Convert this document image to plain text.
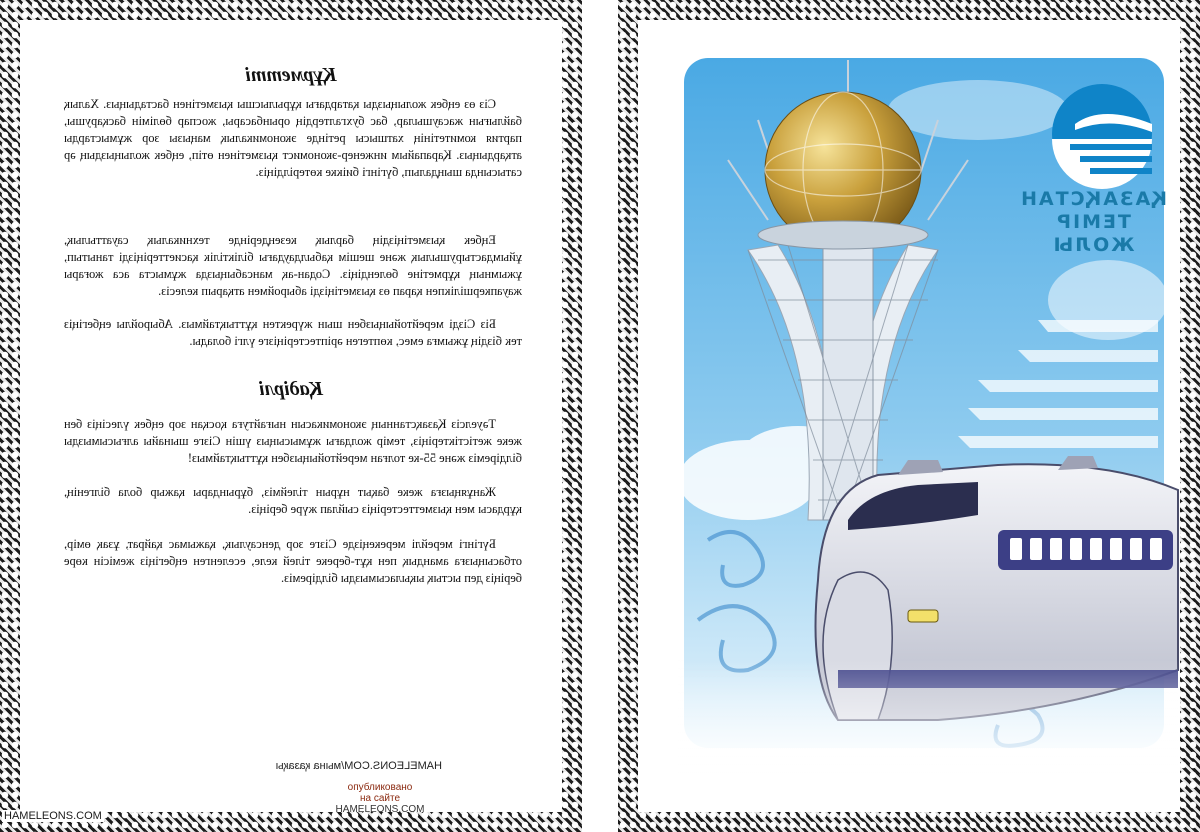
Құрметті

Сіз өз еңбек жолыңызды қатардағы құрылысшы қызметінен бастадыңыз. Халық байлығын жасаушылар, бас бухгалтердің орынбасары, жоспар бөлімін басқарушы, партия комитетінің хатшысы ретінде экономикалық маңызы зор жұмыстарды атқардыңыз. Қарапайым инженер-экономист қызметінен өтіп, еңбек жолыңыздың әр сатысында шыңдалып, бүгінгі биікке көтерілдіңіз.

Еңбек қызметіңіздің барлық кезеңдерінде техникалық сауаттылық, ұйымдастырушылық және шешім қабылдаудағы біліктілік қасиеттеріңізді танытып, ұжымның құрметіне бөлендіңіз. Содан-ақ мансабыңызда жұмыста аса жоғары жауапкершілікпен қарап өз қызметіңізді абыроймен атқарып келесіз.

Біз Сізді мерейтойыңызбен шын жүректен құттықтаймыз. Абыройлы еңбегіңіз тек біздің ұжымға емес, көптеген әріптестеріңізге үлгі болады.

Қадірлі

Тәуелсіз Қазақстанның экономикасын нығайтуға қосқан зор еңбек үлесіңіз бен жеке жетістіктеріңіз, темір жолдағы жұмысыңыз үшін Сізге шынайы алғысымызды білдіреміз және 55-ке толған мерейтойыңызбен құттықтаймыз!

Жанұяңызға жеке бақыт нұрын тілейміз, бұрындары қажыр бола білгенің, құрдасы мен қызметтестеріңіз сыйлап жүре беріңіз.

Бүгінгі мерейлі мерекеңізде Сізге зор денсаулық, қажымас қайрат, ұзақ өмір, отбасыңызға амандық пен құт-береке тілей келе, еселенген еңбегіңіз жемісін көре беріңіз деп ыстық ықыласымызды білдіреміз.

HAMELEONS.COM/мына қазақы
опубликовано
на сайте
HAMELEONS.COM
HAMELEONS.COM
ҚАЗАҚСТАН
ТЕМІР
ЖОЛЫ
